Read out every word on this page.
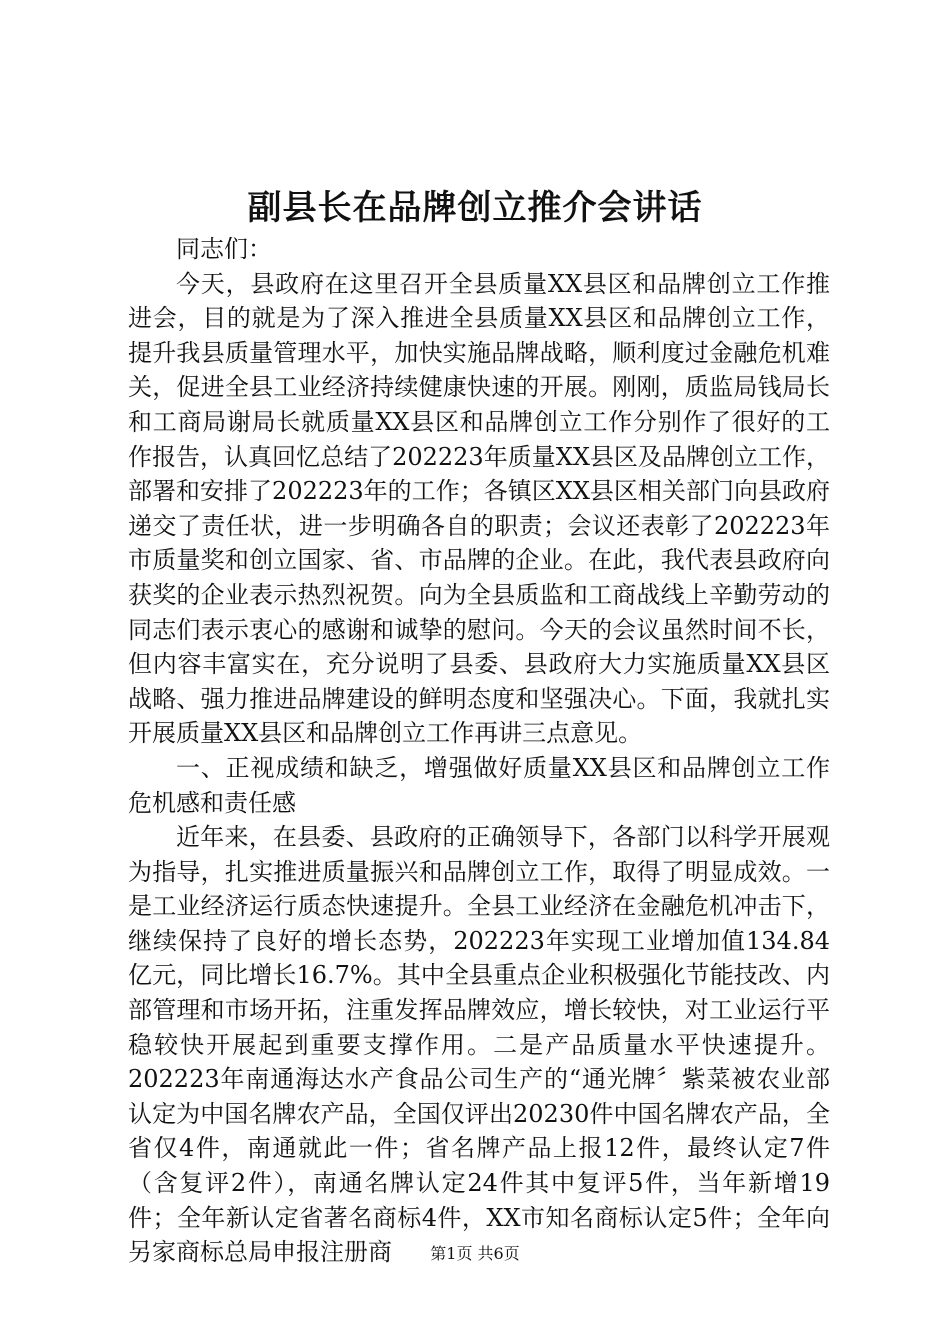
副县长在品牌创立推介会讲话

同志们：

今天，县政府在这里召开全县质量XX县区和品牌创立工作推进会，目的就是为了深入推进全县质量XX县区和品牌创立工作，提升我县质量管理水平，加快实施品牌战略，顺利度过金融危机难关，促进全县工业经济持续健康快速的开展。刚刚，质监局钱局长和工商局谢局长就质量XX县区和品牌创立工作分别作了很好的工作报告，认真回忆总结了202223年质量XX县区及品牌创立工作，部署和安排了202223年的工作；各镇区XX县区相关部门向县政府递交了责任状，进一步明确各自的职责；会议还表彰了202223年市质量奖和创立国家、省、市品牌的企业。在此，我代表县政府向获奖的企业表示热烈祝贺。向为全县质监和工商战线上辛勤劳动的同志们表示衷心的感谢和诚挚的慰问。今天的会议虽然时间不长，但内容丰富实在，充分说明了县委、县政府大力实施质量XX县区战略、强力推进品牌建设的鲜明态度和坚强决心。下面，我就扎实开展质量XX县区和品牌创立工作再讲三点意见。

一、正视成绩和缺乏，增强做好质量XX县区和品牌创立工作危机感和责任感

近年来，在县委、县政府的正确领导下，各部门以科学开展观为指导，扎实推进质量振兴和品牌创立工作，取得了明显成效。一是工业经济运行质态快速提升。全县工业经济在金融危机冲击下，继续保持了良好的增长态势，202223年实现工业增加值134.84亿元，同比增长16.7%。其中全县重点企业积极强化节能技改、内部管理和市场开拓，注重发挥品牌效应，增长较快，对工业运行平稳较快开展起到重要支撑作用。二是产品质量水平快速提升。202223年南通海达水产食品公司生产的“通光牌〞紫菜被农业部认定为中国名牌农产品，全国仅评出20230件中国名牌农产品，全省仅4件，南通就此一件；省名牌产品上报12件，最终认定7件（含复评2件），南通名牌认定24件其中复评5件，当年新增19件；全年新认定省著名商标4件，XX市知名商标认定5件；全年向另家商标总局申报注册商	第1页 共6页
